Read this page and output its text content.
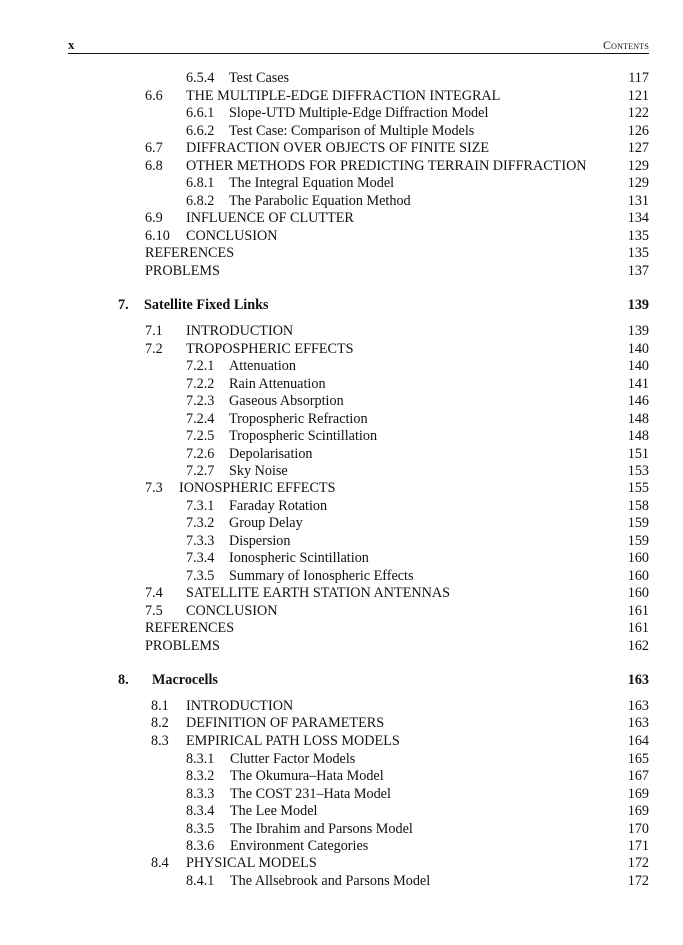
x	Contents
6.5.4 Test Cases	117
6.6 THE MULTIPLE-EDGE DIFFRACTION INTEGRAL	121
6.6.1 Slope-UTD Multiple-Edge Diffraction Model	122
6.6.2 Test Case: Comparison of Multiple Models	126
6.7 DIFFRACTION OVER OBJECTS OF FINITE SIZE	127
6.8 OTHER METHODS FOR PREDICTING TERRAIN DIFFRACTION	129
6.8.1 The Integral Equation Model	129
6.8.2 The Parabolic Equation Method	131
6.9 INFLUENCE OF CLUTTER	134
6.10 CONCLUSION	135
REFERENCES	135
PROBLEMS	137
7. Satellite Fixed Links	139
7.1 INTRODUCTION	139
7.2 TROPOSPHERIC EFFECTS	140
7.2.1 Attenuation	140
7.2.2 Rain Attenuation	141
7.2.3 Gaseous Absorption	146
7.2.4 Tropospheric Refraction	148
7.2.5 Tropospheric Scintillation	148
7.2.6 Depolarisation	151
7.2.7 Sky Noise	153
7.3 IONOSPHERIC EFFECTS	155
7.3.1 Faraday Rotation	158
7.3.2 Group Delay	159
7.3.3 Dispersion	159
7.3.4 Ionospheric Scintillation	160
7.3.5 Summary of Ionospheric Effects	160
7.4 SATELLITE EARTH STATION ANTENNAS	160
7.5 CONCLUSION	161
REFERENCES	161
PROBLEMS	162
8. Macrocells	163
8.1 INTRODUCTION	163
8.2 DEFINITION OF PARAMETERS	163
8.3 EMPIRICAL PATH LOSS MODELS	164
8.3.1 Clutter Factor Models	165
8.3.2 The Okumura–Hata Model	167
8.3.3 The COST 231–Hata Model	169
8.3.4 The Lee Model	169
8.3.5 The Ibrahim and Parsons Model	170
8.3.6 Environment Categories	171
8.4 PHYSICAL MODELS	172
8.4.1 The Allsebrook and Parsons Model	172
